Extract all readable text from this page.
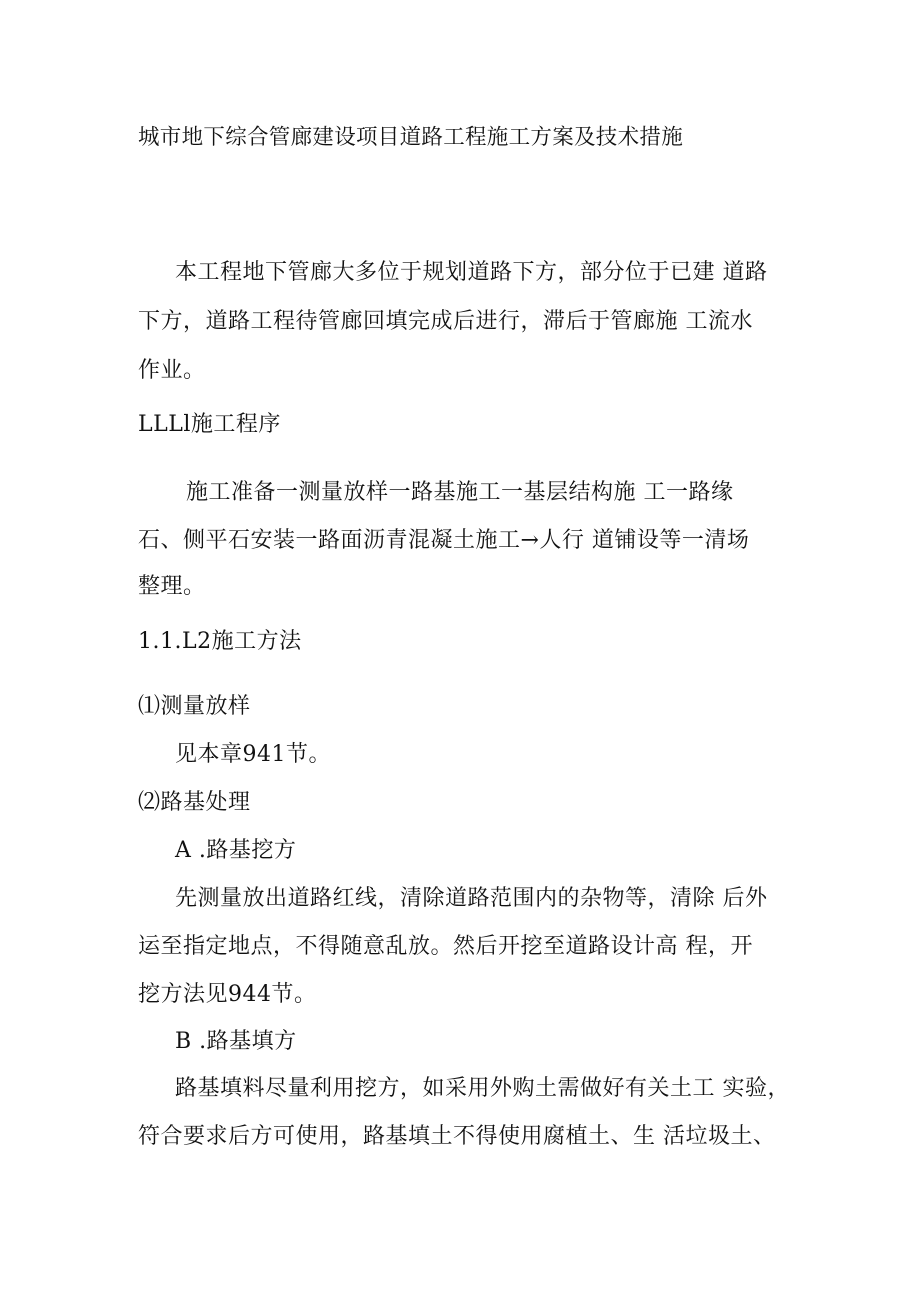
城市地下综合管廊建设项目道路工程施工方案及技术措施
本工程地下管廊大多位于规划道路下方，部分位于已建 道路
下方，道路工程待管廊回填完成后进行，滞后于管廊施 工流水
作业。
LLLl施工程序
施工准备一测量放样一路基施工一基层结构施 工一路缘
石、侧平石安装一路面沥青混凝土施工→人行 道铺设等一清场
整理。
1.1.L2施工方法
⑴测量放样
见本章941节。
⑵路基处理
A .路基挖方
先测量放出道路红线，清除道路范围内的杂物等，清除 后外
运至指定地点，不得随意乱放。然后开挖至道路设计高 程，开
挖方法见944节。
B .路基填方
路基填料尽量利用挖方，如采用外购土需做好有关土工 实验，
符合要求后方可使用，路基填土不得使用腐植土、生 活垃圾土、
